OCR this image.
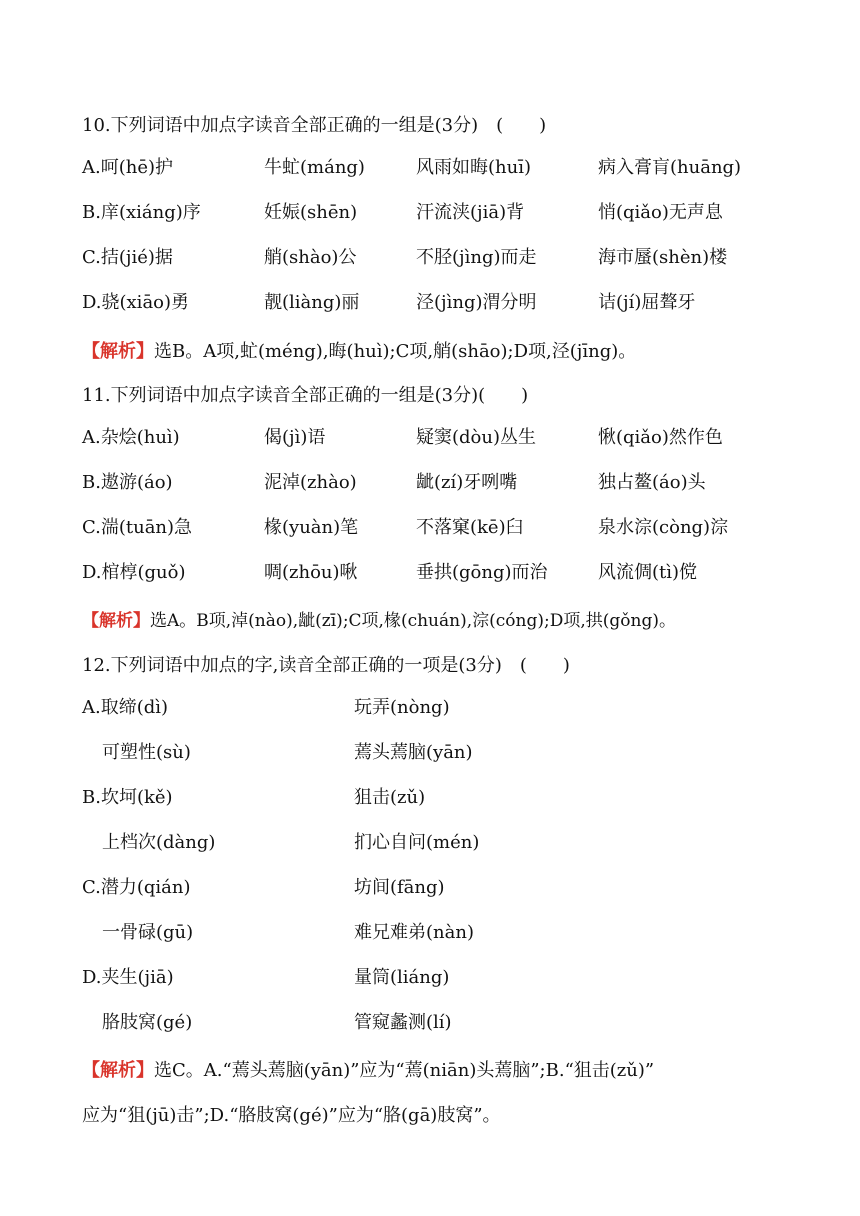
10.下列词语中加点字读音全部正确的一组是(3分)　(　　)
A.呵(hē)护	牛虻(máng)	风雨如晦(huī)	病入膏肓(huāng)
B.庠(xiáng)序	妊娠(shēn)	汗流浃(jiā)背	悄(qiǎo)无声息
C.拮(jié)据	艄(shào)公	不胫(jìng)而走	海市蜃(shèn)楼
D.骁(xiāo)勇	靓(liàng)丽	泾(jìng)渭分明	诘(jí)屈聱牙
【解析】选B。A项,虻(méng),晦(huì);C项,艄(shāo);D项,泾(jīng)。
11.下列词语中加点字读音全部正确的一组是(3分)(　　)
A.杂烩(huì)	偈(jì)语	疑窦(dòu)丛生	愀(qiǎo)然作色
B.遨游(áo)	泥淖(zhào)	龇(zí)牙咧嘴	独占鳌(áo)头
C.湍(tuān)急	椽(yuàn)笔	不落窠(kē)臼	泉水淙(còng)淙
D.棺椁(guǒ)	啁(zhōu)啾	垂拱(gōng)而治	风流倜(tì)傥
【解析】选A。B项,淖(nào),龇(zī);C项,椽(chuán),淙(cóng);D项,拱(gǒng)。
12.下列词语中加点的字,读音全部正确的一项是(3分)　(　　)
A.取缔(dì)	玩弄(nòng)
可塑性(sù)	蔫头蔫脑(yān)
B.坎坷(kě)	狙击(zǔ)
上档次(dàng)	扪心自问(mén)
C.潜力(qián)	坊间(fāng)
一骨碌(gū)	难兄难弟(nàn)
D.夹生(jiā)	量筒(liáng)
胳肢窝(gé)	管窥蠡测(lí)
【解析】选C。A.“蔫头蔫脑(yān)”应为“蔫(niān)头蔫脑”;B.“狙击(zǔ)”
应为“狙(jū)击”;D.“胳肢窝(gé)”应为“胳(gā)肢窝”。
